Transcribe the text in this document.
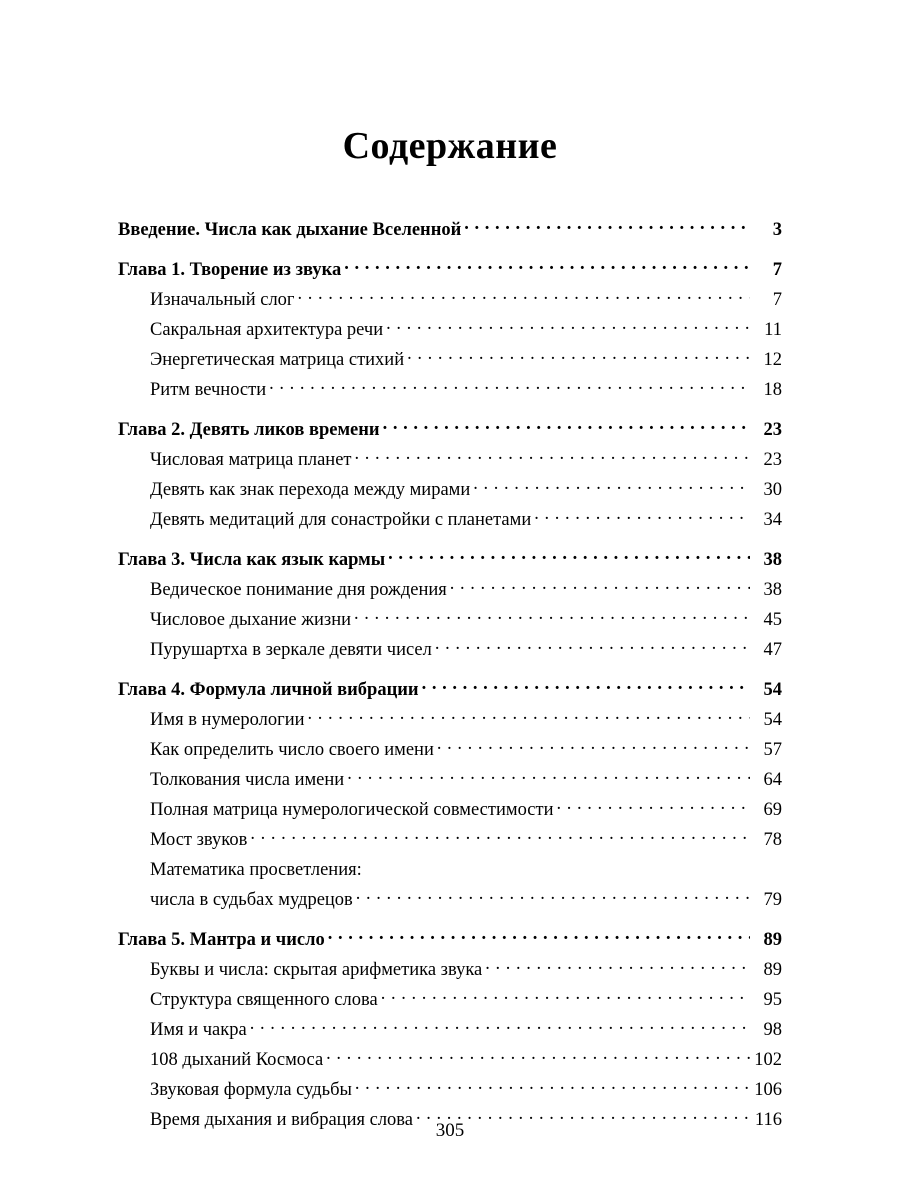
Содержание
Введение. Числа как дыхание Вселенной . . .	3
Глава 1. Творение из звука . . .	7
Изначальный слог . . .	7
Сакральная архитектура речи . . .	11
Энергетическая матрица стихий . . .	12
Ритм вечности . . .	18
Глава 2. Девять ликов времени . . .	23
Числовая матрица планет . . .	23
Девять как знак перехода между мирами . . .	30
Девять медитаций для сонастройки с планетами . . .	34
Глава 3. Числа как язык кармы . . .	38
Ведическое понимание дня рождения . . .	38
Числовое дыхание жизни . . .	45
Пурушартха в зеркале девяти чисел . . .	47
Глава 4. Формула личной вибрации . . .	54
Имя в нумерологии . . .	54
Как определить число своего имени . . .	57
Толкования числа имени . . .	64
Полная матрица нумерологической совместимости . . .	69
Мост звуков . . .	78
Математика просветления:
числа в судьбах мудрецов . . .	79
Глава 5. Мантра и число . . .	89
Буквы и числа: скрытая арифметика звука . . .	89
Структура священного слова . . .	95
Имя и чакра . . .	98
108 дыханий Космоса . . .	102
Звуковая формула судьбы . . .	106
Время дыхания и вибрация слова . . .	116
305
